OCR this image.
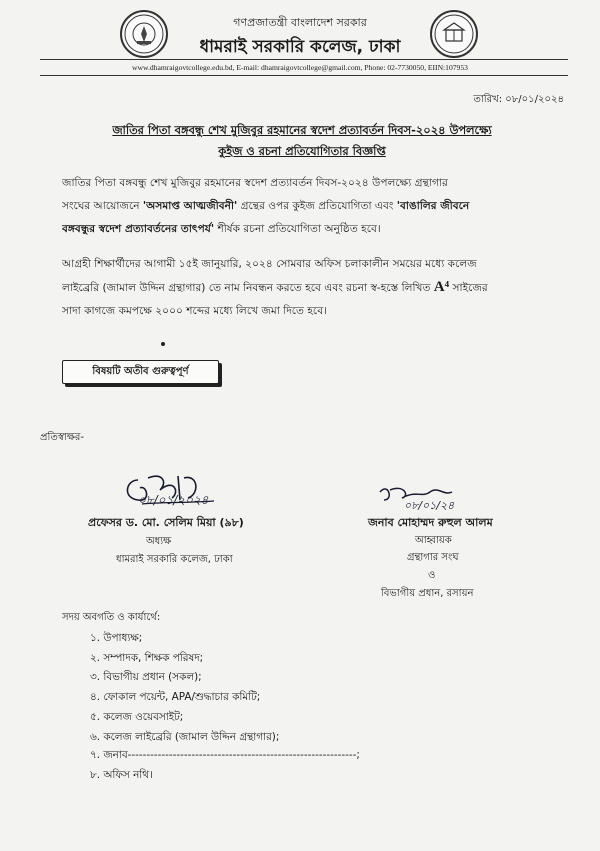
গণপ্রজাতন্ত্রী বাংলাদেশ সরকার
ধামরাই সরকারি কলেজ, ঢাকা
www.dhamraigovtcollege.edu.bd, E-mail: dhamraigovtcollege@gmail.com, Phone: 02-7730050, EIIN:107953
তারিখ: ০৮/০১/২০২৪
জাতির পিতা বঙ্গবন্ধু শেখ মুজিবুর রহমানের স্বদেশ প্রত্যাবর্তন দিবস-২০২৪ উপলক্ষ্যে
কুইজ ও রচনা প্রতিযোগিতার বিজ্ঞপ্তি
জাতির পিতা বঙ্গবন্ধু শেখ মুজিবুর রহমানের স্বদেশ প্রত্যাবর্তন দিবস-২০২৪ উপলক্ষ্যে গ্রন্থাগার
সংঘের আয়োজনে 'অসমাপ্ত আত্মজীবনী' গ্রন্থের ওপর কুইজ প্রতিযোগিতা এবং 'বাঙালির জীবনে
বঙ্গবন্ধুর স্বদেশ প্রত্যাবর্তনের তাৎপর্য' শীর্ষক রচনা প্রতিযোগিতা অনুষ্ঠিত হবে।
আগ্রহী শিক্ষার্থীদের আগামী ১৫ই জানুয়ারি, ২০২৪ সোমবার অফিস চলাকালীন সময়ের মধ্যে কলেজ
লাইব্রেরি (জামাল উদ্দিন গ্রন্থাগার) তে নাম নিবন্ধন করতে হবে এবং রচনা স্ব-হস্তে লিখিত A⁴ সাইজের
সাদা কাগজে কমপক্ষে ২০০০ শব্দের মধ্যে লিখে জমা দিতে হবে।
বিষয়টি অতীব গুরুত্বপূর্ণ
প্রতিস্বাক্ষর-
০৮/০১/২০২৪
প্রফেসর ড. মো. সেলিম মিয়া (৯৮)
অধ্যক্ষ
ধামরাই সরকারি কলেজ, ঢাকা
০৮/০১/২৪
জনাব মোহাম্মদ রুহুল আলম
আহ্বায়ক
গ্রন্থাগার সংঘ
ও
বিভাগীয় প্রধান, রসায়ন
সদয় অবগতি ও কার্যার্থে:
১. উপাধ্যক্ষ;
২. সম্পাদক, শিক্ষক পরিষদ;
৩. বিভাগীয় প্রধান (সকল);
৪. ফোকাল পয়েন্ট, APA/শুদ্ধাচার কমিটি;
৫. কলেজ ওয়েবসাইট;
৬. কলেজ লাইব্রেরি (জামাল উদ্দিন গ্রন্থাগার);
৭. জনাব-------------------------------------------------------------;
৮. অফিস নথি।
